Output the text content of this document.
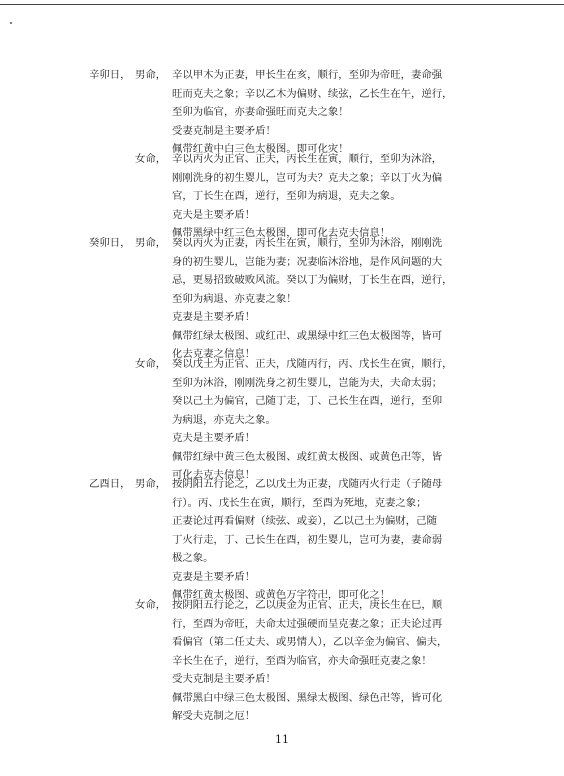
辛卯日， 男命， 辛以甲木为正妻，甲长生在亥，顺行，至卯为帝旺，妻命强

旺而克夫之象；辛以乙木为偏财、续弦，乙长生在午，逆行，

至卯为临官，亦妻命强旺而克夫之象！

受妻克制是主要矛盾！

佩带红黄中白三色太极图。即可化灾！

女命， 辛以丙火为正官、正夫，丙长生在寅，顺行，至卯为沐浴，

刚刚洗身的初生婴儿，岂可为夫？克夫之象；辛以丁火为偏

官，丁长生在酉，逆行，至卯为病退，克夫之象。

克夫是主要矛盾！

佩带黑绿中红三色太极图，即可化去克夫信息！

癸卯日， 男命， 癸以丙火为正妻，丙长生在寅，顺行，至卯为沐浴，刚刚洗

身的初生婴儿，岂能为妻；况妻临沐浴地，是作风问题的大

忌，更易招致破败风流。癸以丁为偏财，丁长生在酉，逆行，

至卯为病退、亦克妻之象！

克妻是主要矛盾！

佩带红绿太极图、或红卍、或黑绿中红三色太极图等，皆可

化去克妻之信息！

女命， 癸以戊土为正官、正夫，戊随丙行，丙、戊长生在寅，顺行，

至卯为沐浴，刚刚洗身之初生婴儿，岂能为夫，夫命太弱；

癸以己土为偏官，己随丁走，丁、己长生在酉，逆行，至卯

为病退，亦克夫之象。

克夫是主要矛盾！

佩带红绿中黄三色太极图、或红黄太极图、或黄色卍等，皆

可化去克夫信息！

乙酉日， 男命， 按阴阳五行论之，乙以戊土为正妻，戊随丙火行走（子随母

行）。丙、戊长生在寅，顺行，至酉为死地，克妻之象；

正妻论过再看偏财（续弦、或妾），乙以己土为偏财，己随

丁火行走，丁、己长生在酉，初生婴儿，岂可为妻，妻命弱

极之象。

克妻是主要矛盾！

佩带红黄太极图、或黄色万字符卍，即可化之！

女命， 按阴阳五行论之，乙以庚金为正官、正夫，庚长生在巳，顺

行，至酉为帝旺，夫命太过强硬而呈克妻之象；正夫论过再

看偏官（第二任丈夫、或男情人），乙以辛金为偏官、偏夫，

辛长生在子，逆行，至酉为临官，亦夫命强旺克妻之象！

受夫克制是主要矛盾！

佩带黑白中绿三色太极图、黑绿太极图、绿色卍等，皆可化

解受夫克制之厄！

11
